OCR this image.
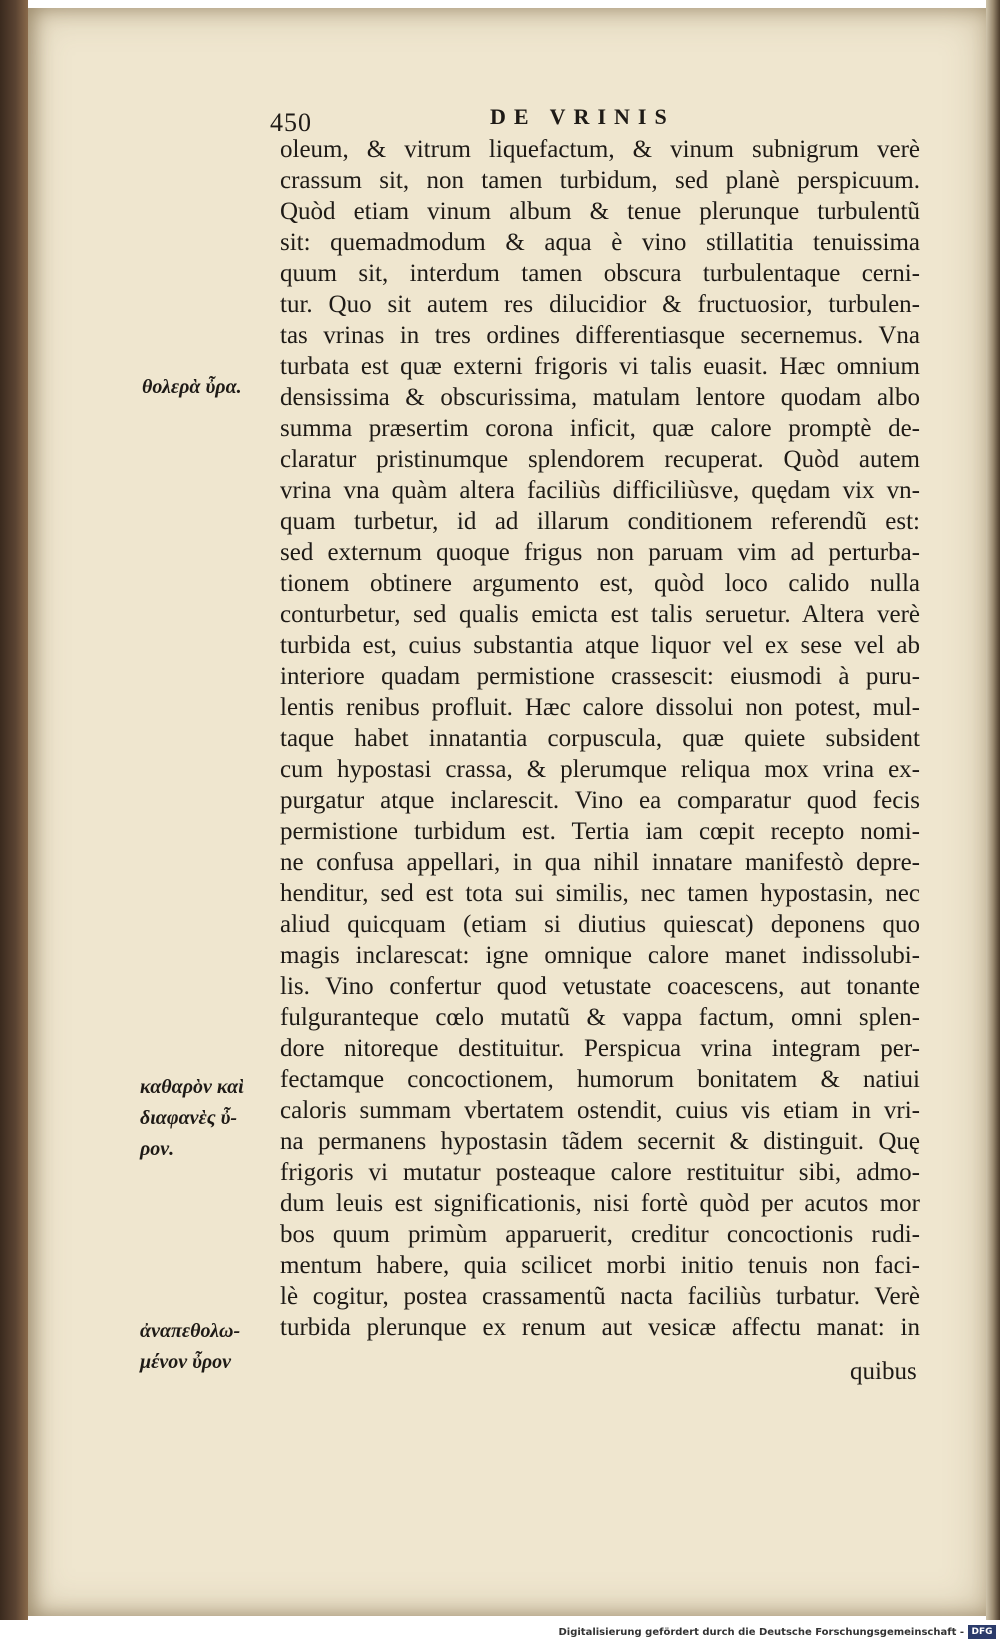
450	DE VRINIS
θολερὰ ὖρα.
καθαρὸν καὶ
διαφανὲς ὖ-
ρον.
ἀναπεθολω-
μένον ὖρον
oleum, & vitrum liquefactum, & vinum subnigrum verè
crassum sit, non tamen turbidum, sed planè perspicuum.
Quòd etiam vinum album & tenue plerunque turbulentũ
sit: quemadmodum & aqua è vino stillatitia tenuissima
quum sit, interdum tamen obscura turbulentaque cerni-
tur. Quo sit autem res dilucidior & fructuosior, turbulen-
tas vrinas in tres ordines differentiasque secernemus. Vna
turbata est quæ externi frigoris vi talis euasit. Hæc omnium
densissima & obscurissima, matulam lentore quodam albo
summa præsertim corona inficit, quæ calore promptè de-
claratur pristinumque splendorem recuperat. Quòd autem
vrina vna quàm altera faciliùs difficiliùsve, quędam vix vn-
quam turbetur, id ad illarum conditionem referendũ est:
sed externum quoque frigus non paruam vim ad perturba-
tionem obtinere argumento est, quòd loco calido nulla
conturbetur, sed qualis emicta est talis seruetur. Altera verè
turbida est, cuius substantia atque liquor vel ex sese vel ab
interiore quadam permistione crassescit: eiusmodi à puru-
lentis renibus profluit. Hæc calore dissolui non potest, mul-
taque habet innatantia corpuscula, quæ quiete subsident
cum hypostasi crassa, & plerumque reliqua mox vrina ex-
purgatur atque inclarescit. Vino ea comparatur quod fecis
permistione turbidum est. Tertia iam cœpit recepto nomi-
ne confusa appellari, in qua nihil innatare manifestò depre-
henditur, sed est tota sui similis, nec tamen hypostasin, nec
aliud quicquam (etiam si diutius quiescat) deponens quo
magis inclarescat: igne omnique calore manet indissolubi-
lis. Vino confertur quod vetustate coacescens, aut tonante
fulguranteque cœlo mutatũ & vappa factum, omni splen-
dore nitoreque destituitur. Perspicua vrina integram per-
fectamque concoctionem, humorum bonitatem & natiui
caloris summam vbertatem ostendit, cuius vis etiam in vri-
na permanens hypostasin tãdem secernit & distinguit. Quę
frigoris vi mutatur posteaque calore restituitur sibi, admo-
dum leuis est significationis, nisi fortè quòd per acutos mor
bos quum primùm apparuerit, creditur concoctionis rudi-
mentum habere, quia scilicet morbi initio tenuis non faci-
lè cogitur, postea crassamentũ nacta faciliùs turbatur. Verè
turbida plerunque ex renum aut vesicæ affectu manat: in
quibus
Digitalisierung gefördert durch die Deutsche Forschungsgemeinschaft - DFG
